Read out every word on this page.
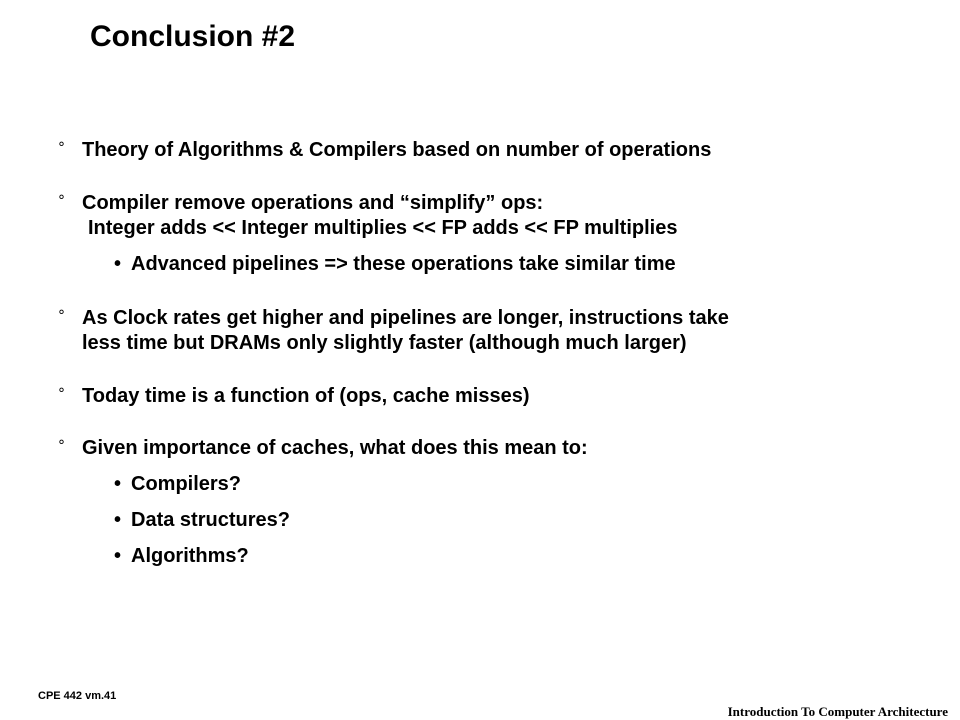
Conclusion #2
° Theory of Algorithms & Compilers based on number of operations
° Compiler remove operations and “simplify” ops:
Integer adds << Integer multiplies << FP adds << FP multiplies
• Advanced pipelines => these operations take similar time
° As Clock rates get higher and pipelines are longer, instructions take
less time but DRAMs only slightly faster (although much larger)
° Today time is a function of (ops, cache misses)
° Given importance of caches, what does this mean to:
• Compilers?
• Data structures?
• Algorithms?
CPE 442 vm.41
Introduction To Computer Architecture
